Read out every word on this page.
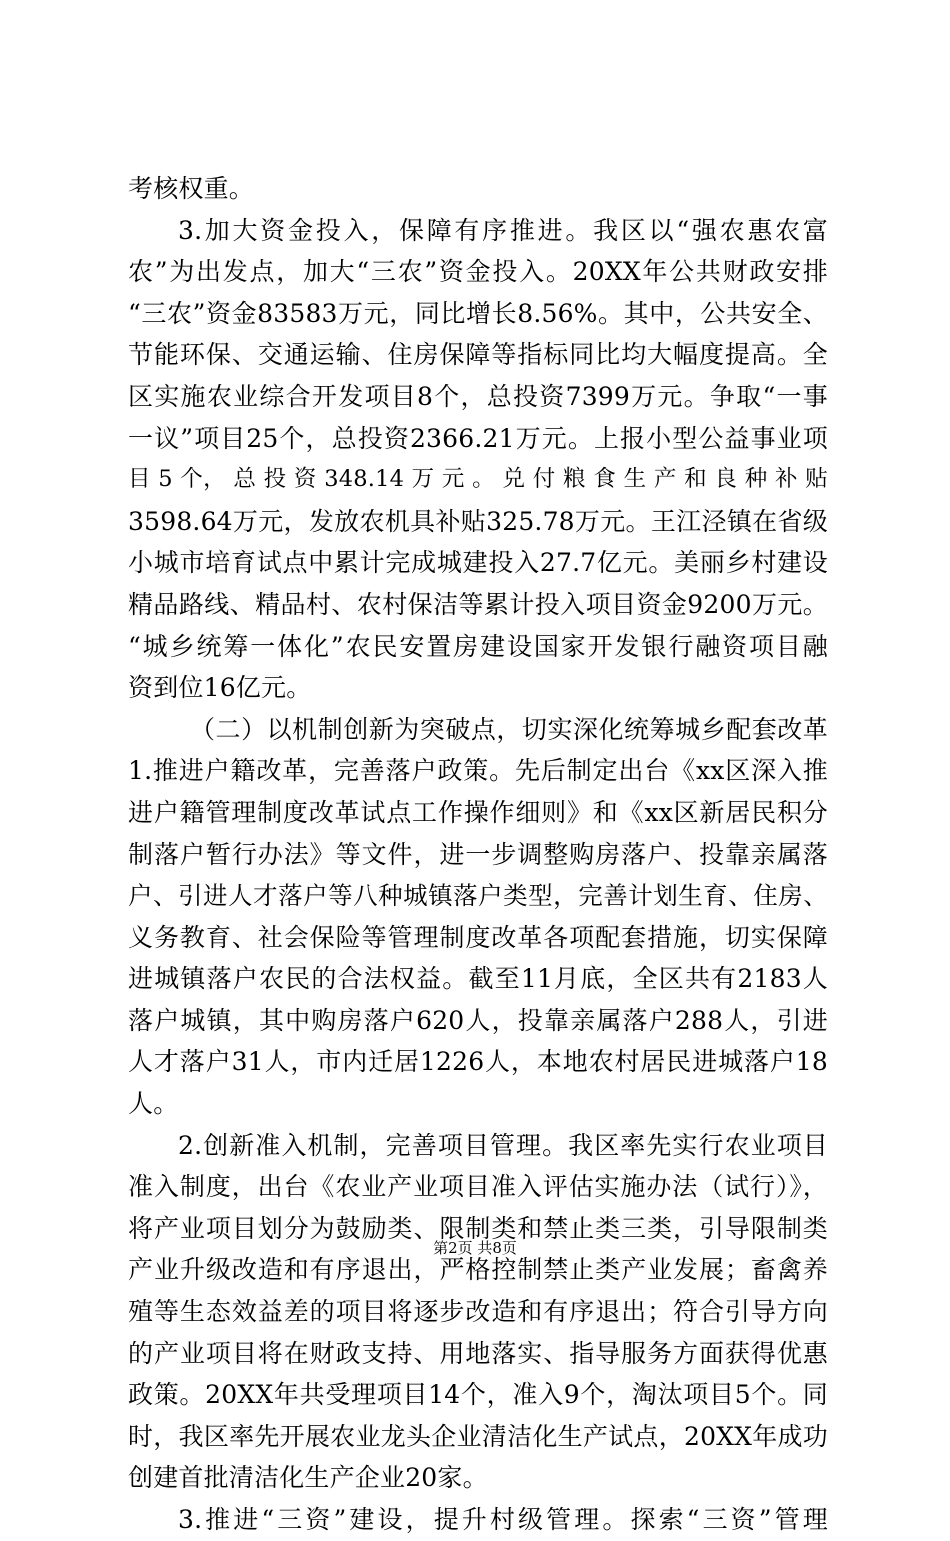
考核权重。
3.加大资金投入，保障有序推进。我区以“强农惠农富
农”为出发点，加大“三农”资金投入。20XX年公共财政安排
“三农”资金83583万元，同比增长8.56%。其中，公共安全、
节能环保、交通运输、住房保障等指标同比均大幅度提高。全
区实施农业综合开发项目8个，总投资7399万元。争取“一事
一议”项目25个，总投资2366.21万元。上报小型公益事业项
目 5 个， 总 投 资 348.14 万 元 。 兑 付 粮 食 生 产 和 良 种 补 贴
3598.64万元，发放农机具补贴325.78万元。王江泾镇在省级
小城市培育试点中累计完成城建投入27.7亿元。美丽乡村建设
精品路线、精品村、农村保洁等累计投入项目资金9200万元。
“城乡统筹一体化”农民安置房建设国家开发银行融资项目融
资到位16亿元。
（二）以机制创新为突破点，切实深化统筹城乡配套改革
1.推进户籍改革，完善落户政策。先后制定出台《xx区深入推
进户籍管理制度改革试点工作操作细则》和《xx区新居民积分
制落户暂行办法》等文件，进一步调整购房落户、投靠亲属落
户、引进人才落户等八种城镇落户类型，完善计划生育、住房、
义务教育、社会保险等管理制度改革各项配套措施，切实保障
进城镇落户农民的合法权益。截至11月底，全区共有2183人
落户城镇，其中购房落户620人，投靠亲属落户288人，引进
人才落户31人，市内迁居1226人，本地农村居民进城落户18
人。
2.创新准入机制，完善项目管理。我区率先实行农业项目
准入制度，出台《农业产业项目准入评估实施办法（试行）》，
将产业项目划分为鼓励类、限制类和禁止类三类，引导限制类
产业升级改造和有序退出，严格控制禁止类产业发展；畜禽养
殖等生态效益差的项目将逐步改造和有序退出；符合引导方向
的产业项目将在财政支持、用地落实、指导服务方面获得优惠
政策。20XX年共受理项目14个，准入9个，淘汰项目5个。同
时，我区率先开展农业龙头企业清洁化生产试点，20XX年成功
创建首批清洁化生产企业20家。
3.推进“三资”建设，提升村级管理。探索“三资”管理
第2页 共8页
